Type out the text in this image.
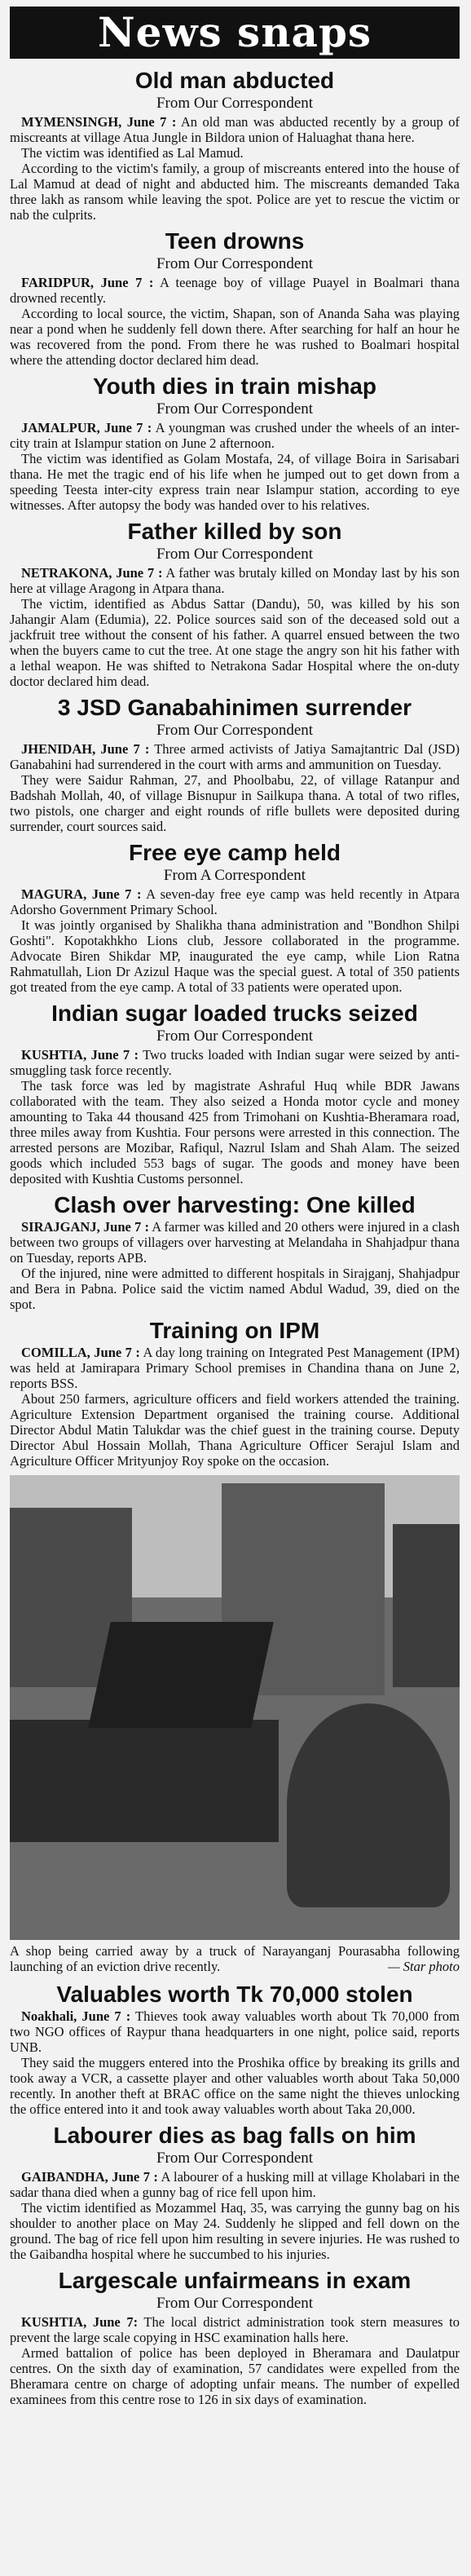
News snaps
Old man abducted
From Our Correspondent

MYMENSINGH, June 7 : An old man was abducted recently by a group of miscreants at village Atua Jungle in Bildora union of Haluaghat thana here.

The victim was identified as Lal Mamud.

According to the victim's family, a group of miscreants entered into the house of Lal Mamud at dead of night and abducted him. The miscreants demanded Taka three lakh as ransom while leaving the spot. Police are yet to rescue the victim or nab the culprits.

Teen drowns
From Our Correspondent

FARIDPUR, June 7 : A teenage boy of village Puayel in Boalmari thana drowned recently.

According to local source, the victim, Shapan, son of Ananda Saha was playing near a pond when he suddenly fell down there. After searching for half an hour he was recovered from the pond. From there he was rushed to Boalmari hospital where the attending doctor declared him dead.

Youth dies in train mishap
From Our Correspondent

JAMALPUR, June 7 : A youngman was crushed under the wheels of an inter-city train at Islampur station on June 2 afternoon.

The victim was identified as Golam Mostafa, 24, of village Boira in Sarisabari thana. He met the tragic end of his life when he jumped out to get down from a speeding Teesta inter-city express train near Islampur station, according to eye witnesses. After autopsy the body was handed over to his relatives.

Father killed by son
From Our Correspondent

NETRAKONA, June 7 : A father was brutaly killed on Monday last by his son here at village Aragong in Atpara thana.

The victim, identified as Abdus Sattar (Dandu), 50, was killed by his son Jahangir Alam (Edumia), 22. Police sources said son of the deceased sold out a jackfruit tree without the consent of his father. A quarrel ensued between the two when the buyers came to cut the tree. At one stage the angry son hit his father with a lethal weapon. He was shifted to Netrakona Sadar Hospital where the on-duty doctor declared him dead.

3 JSD Ganabahinimen surrender
From Our Correspondent

JHENIDAH, June 7 : Three armed activists of Jatiya Samajtantric Dal (JSD) Ganabahini had surrendered in the court with arms and ammunition on Tuesday.

They were Saidur Rahman, 27, and Phoolbabu, 22, of village Ratanpur and Badshah Mollah, 40, of village Bisnupur in Sailkupa thana. A total of two rifles, two pistols, one charger and eight rounds of rifle bullets were deposited during surrender, court sources said.

Free eye camp held
From A Correspondent

MAGURA, June 7 : A seven-day free eye camp was held recently in Atpara Adorsho Government Primary School.

It was jointly organised by Shalikha thana administration and "Bondhon Shilpi Goshti". Kopotakhkho Lions club, Jessore collaborated in the programme. Advocate Biren Shikdar MP, inaugurated the eye camp, while Lion Ratna Rahmatullah, Lion Dr Azizul Haque was the special guest. A total of 350 patients got treated from the eye camp. A total of 33 patients were operated upon.

Indian sugar loaded trucks seized
From Our Correspondent

KUSHTIA, June 7 : Two trucks loaded with Indian sugar were seized by anti-smuggling task force recently.

The task force was led by magistrate Ashraful Huq while BDR Jawans collaborated with the team. They also seized a Honda motor cycle and money amounting to Taka 44 thousand 425 from Trimohani on Kushtia-Bheramara road, three miles away from Kushtia. Four persons were arrested in this connection. The arrested persons are Mozibar, Rafiqul, Nazrul Islam and Shah Alam. The seized goods which included 553 bags of sugar. The goods and money have been deposited with Kushtia Customs personnel.

Clash over harvesting: One killed

SIRAJGANJ, June 7 : A farmer was killed and 20 others were injured in a clash between two groups of villagers over harvesting at Melandaha in Shahjadpur thana on Tuesday, reports APB.

Of the injured, nine were admitted to different hospitals in Sirajganj, Shahjadpur and Bera in Pabna. Police said the victim named Abdul Wadud, 39, died on the spot.

Training on IPM

COMILLA, June 7 : A day long training on Integrated Pest Management (IPM) was held at Jamirapara Primary School premises in Chandina thana on June 2, reports BSS.

About 250 farmers, agriculture officers and field workers attended the training. Agriculture Extension Department organised the training course. Additional Director Abdul Matin Talukdar was the chief guest in the training course. Deputy Director Abul Hossain Mollah, Thana Agriculture Officer Serajul Islam and Agriculture Officer Mrityunjoy Roy spoke on the occasion.

A shop being carried away by a truck of Narayanganj Pourasabha following launching of an eviction drive recently.	— Star photo
Valuables worth Tk 70,000 stolen

Noakhali, June 7 : Thieves took away valuables worth about Tk 70,000 from two NGO offices of Raypur thana headquarters in one night, police said, reports UNB.

They said the muggers entered into the Proshika office by breaking its grills and took away a VCR, a cassette player and other valuables worth about Taka 50,000 recently. In another theft at BRAC office on the same night the thieves unlocking the office entered into it and took away valuables worth about Taka 20,000.

Labourer dies as bag falls on him
From Our Correspondent

GAIBANDHA, June 7 : A labourer of a husking mill at village Kholabari in the sadar thana died when a gunny bag of rice fell upon him.

The victim identified as Mozammel Haq, 35, was carrying the gunny bag on his shoulder to another place on May 24. Suddenly he slipped and fell down on the ground. The bag of rice fell upon him resulting in severe injuries. He was rushed to the Gaibandha hospital where he succumbed to his injuries.

Largescale unfairmeans in exam
From Our Correspondent

KUSHTIA, June 7: The local district administration took stern measures to prevent the large scale copying in HSC examination halls here.

Armed battalion of police has been deployed in Bheramara and Daulatpur centres. On the sixth day of examination, 57 candidates were expelled from the Bheramara centre on charge of adopting unfair means. The number of expelled examinees from this centre rose to 126 in six days of examination.
